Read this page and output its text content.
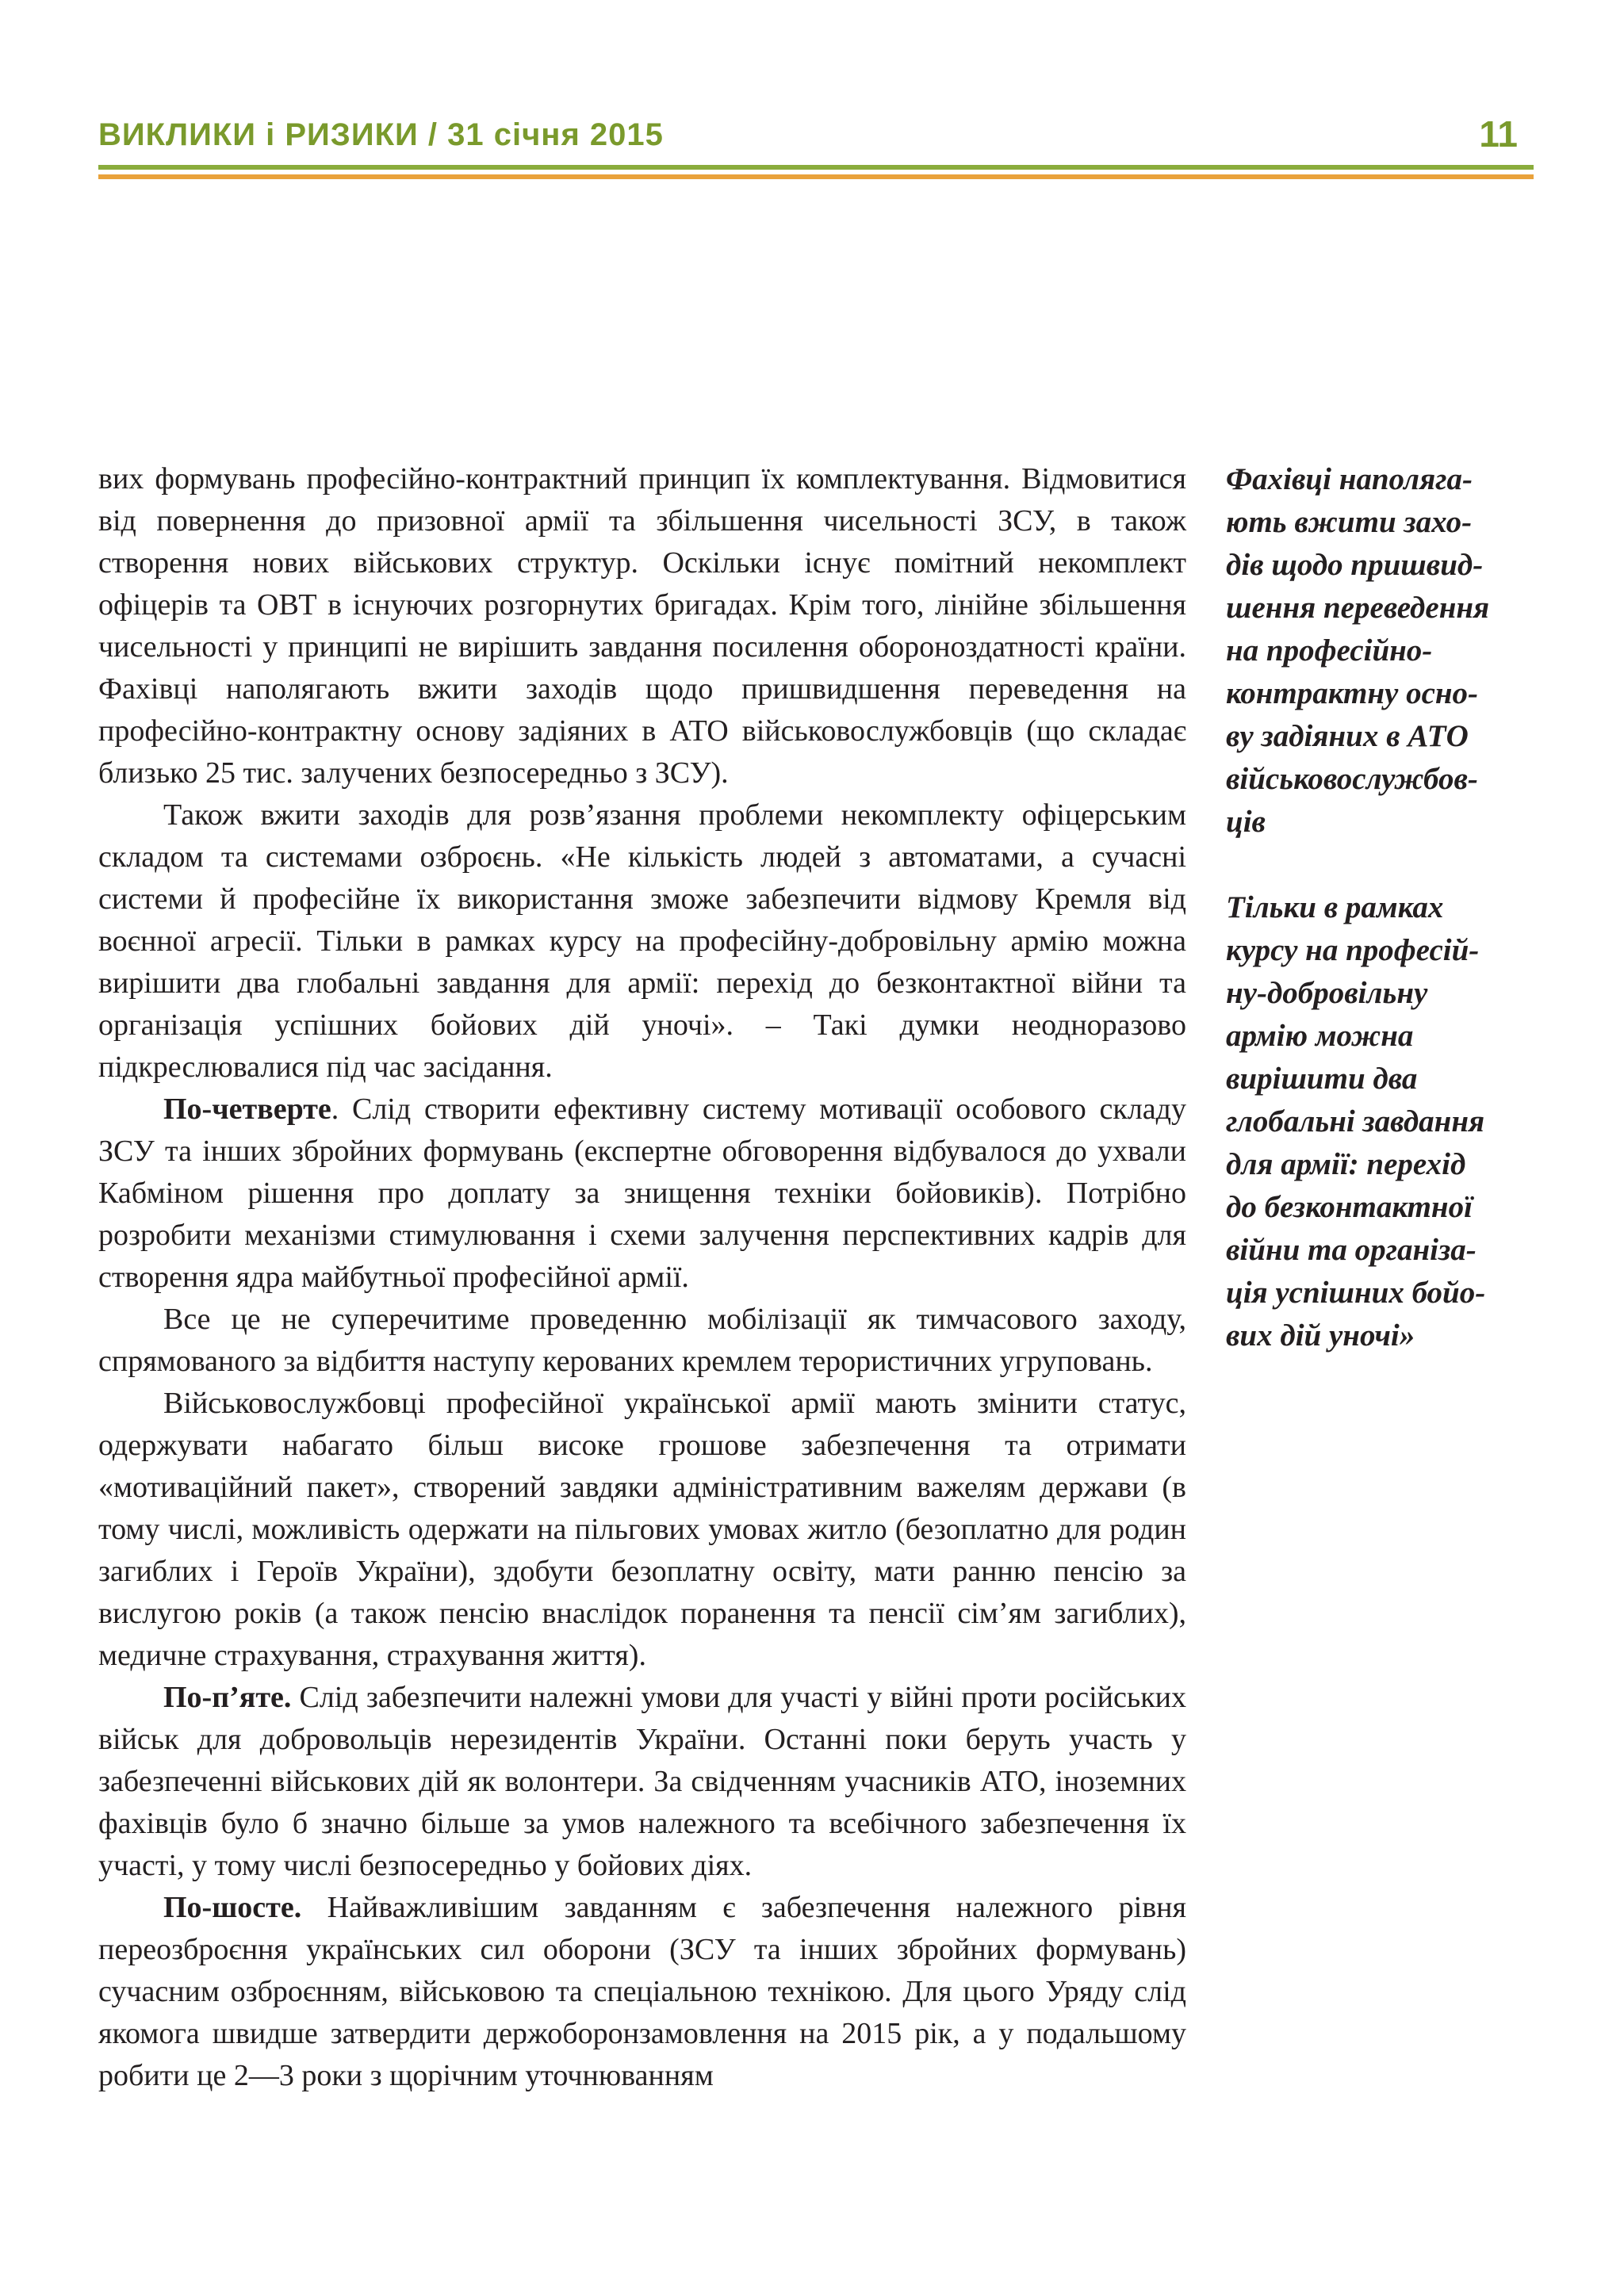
ВИКЛИКИ і РИЗИКИ / 31 січня 2015	11

вих формувань професійно-контрактний принцип їх комплектування. Відмовитися від повернення до призовної армії та збільшення чисельності ЗСУ, в також створення нових військових структур. Оскільки існує помітний некомплект офіцерів та ОВТ в існуючих розгорнутих бригадах. Крім того, лінійне збільшення чисельності у принципі не вирішить завдання посилення обороноздатності країни. Фахівці наполягають вжити заходів щодо пришвидшення переведення на професійно-контрактну основу задіяних в АТО військовослужбовців (що складає близько 25 тис. залучених безпосередньо з ЗСУ).

Також вжити заходів для розв’язання проблеми некомплекту офіцерським складом та системами озброєнь. «Не кількість людей з автоматами, а сучасні системи й професійне їх використання зможе забезпечити відмову Кремля від воєнної агресії. Тільки в рамках курсу на професійну-добровільну армію можна вирішити два глобальні завдання для армії: перехід до безконтактної війни та організація успішних бойових дій уночі». – Такі думки неодноразово підкреслювалися під час засідання.

По-четверте. Слід створити ефективну систему мотивації особового складу ЗСУ та інших збройних формувань (експертне обговорення відбувалося до ухвали Кабміном рішення про доплату за знищення техніки бойовиків). Потрібно розробити механізми стимулювання і схеми залучення перспективних кадрів для створення ядра майбутньої професійної армії.

Все це не суперечитиме проведенню мобілізації як тимчасового заходу, спрямованого за відбиття наступу керованих кремлем терористичних угруповань.

Військовослужбовці професійної української армії мають змінити статус, одержувати набагато більш високе грошове забезпечення та отримати «мотиваційний пакет», створений завдяки адміністративним важелям держави (в тому числі, можливість одержати на пільгових умовах житло (безоплатно для родин загиблих і Героїв України), здобути безоплатну освіту, мати ранню пенсію за вислугою років (а також пенсію внаслідок поранення та пенсії сім’ям загиблих), медичне страхування, страхування життя).

По-п’яте. Слід забезпечити належні умови для участі у війні проти російських військ для добровольців нерезидентів України. Останні поки беруть участь у забезпеченні військових дій як волонтери. За свідченням учасників АТО, іноземних фахівців було б значно більше за умов належного та всебічного забезпечення їх участі, у тому числі безпосередньо у бойових діях.

По-шосте. Найважливішим завданням є забезпечення належного рівня переозброєння українських сил оборони (ЗСУ та інших збройних формувань) сучасним озброєнням, військовою та спеціальною технікою. Для цього Уряду слід якомога швидше затвердити держоборонзамовлення на 2015 рік, а у подальшому робити це 2—3 роки з щорічним уточнюванням

Фахівці наполяга-
ють вжити захо-
дів щодо пришвид-
шення переведення
на професійно-
контрактну осно-
ву задіяних в АТО
військовослужбов-
ців

Тільки в рамках
курсу на професій-
ну-добровільну
армію можна
вирішити два
глобальні завдання
для армії: перехід
до безконтактної
війни та організа-
ція успішних бойо-
вих дій уночі»
